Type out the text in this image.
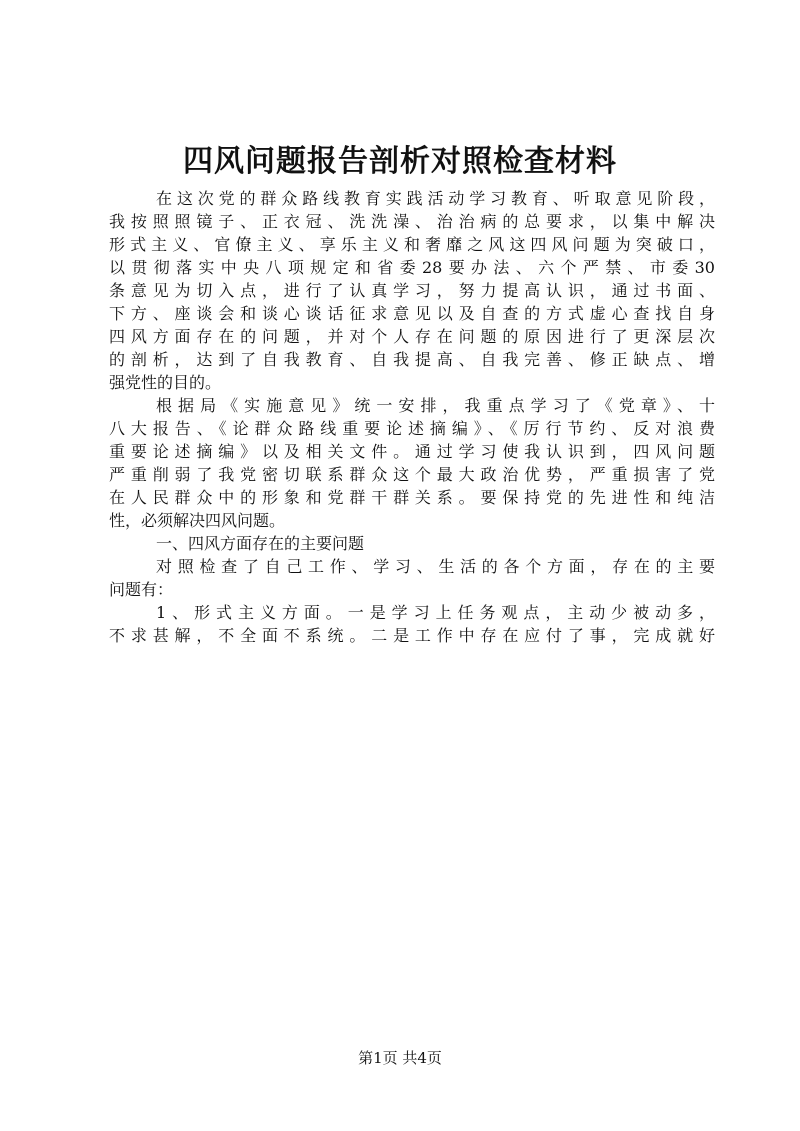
四风问题报告剖析对照检查材料
在这次党的群众路线教育实践活动学习教育、听取意见阶段，
我按照照镜子、正衣冠、洗洗澡、治治病的总要求，以集中解决
形式主义、官僚主义、享乐主义和奢靡之风这四风问题为突破口，
以贯彻落实中央八项规定和省委28要办法、六个严禁、市委30
条意见为切入点，进行了认真学习，努力提高认识，通过书面、
下方、座谈会和谈心谈话征求意见以及自查的方式虚心查找自身
四风方面存在的问题，并对个人存在问题的原因进行了更深层次
的剖析，达到了自我教育、自我提高、自我完善、修正缺点、增
强党性的目的。
根据局《实施意见》统一安排，我重点学习了《党章》、十
八大报告、《论群众路线重要论述摘编》、《厉行节约、反对浪费
重要论述摘编》以及相关文件。通过学习使我认识到，四风问题
严重削弱了我党密切联系群众这个最大政治优势，严重损害了党
在人民群众中的形象和党群干群关系。要保持党的先进性和纯洁
性，必须解决四风问题。
一、四风方面存在的主要问题
对照检查了自己工作、学习、生活的各个方面，存在的主要
问题有：
1、形式主义方面。一是学习上任务观点，主动少被动多，
不求甚解，不全面不系统。二是工作中存在应付了事，完成就好
第1页 共4页
